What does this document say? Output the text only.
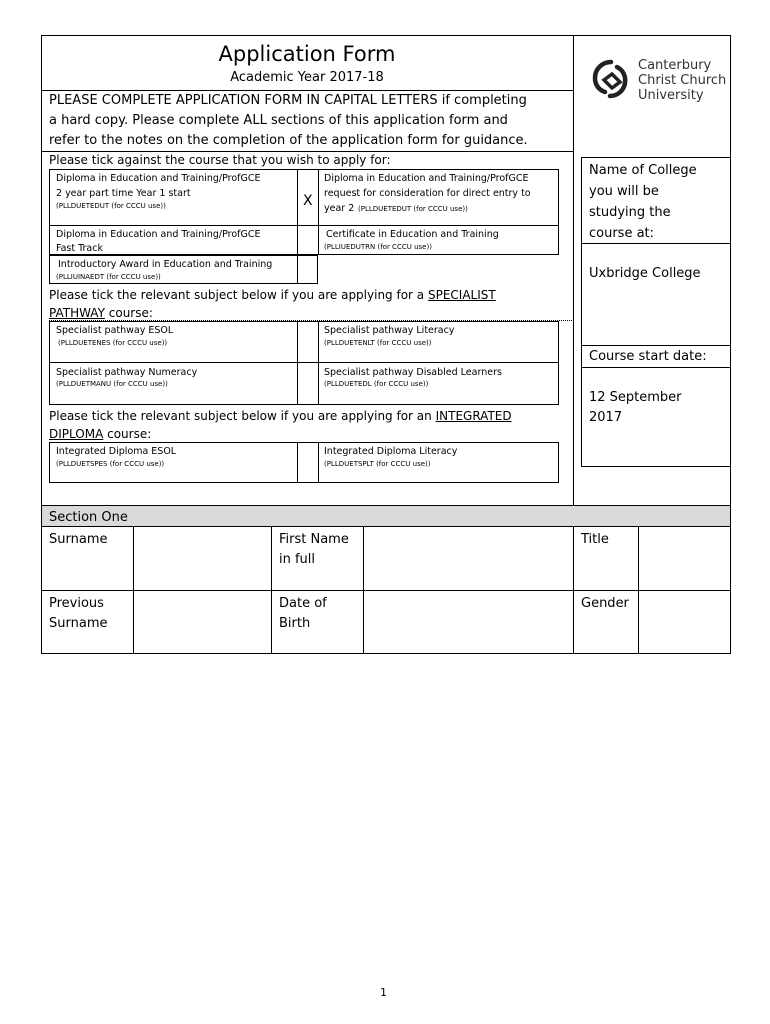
Application Form
Academic Year 2017-18
Canterbury
Christ Church
University
PLEASE COMPLETE APPLICATION FORM IN CAPITAL LETTERS if completing
a hard copy. Please complete ALL sections of this application form and
refer to the notes on the completion of the application form for guidance.
Please tick against the course that you wish to apply for:
Diploma in Education and Training/ProfGCE
2 year part time Year 1 start
(PLLDUETEDUT (for CCCU use))
Diploma in Education and Training/ProfGCE
request for consideration for direct entry to
year 2 (PLLDUETEDUT (for CCCU use))
X
Diploma in Education and Training/ProfGCE
Fast Track
Certificate in Education and Training
(PLLIUEDUTRN (for CCCU use))
Introductory Award in Education and Training
(PLLIUINAEDT (for CCCU use))
Please tick the relevant subject below if you are applying for a SPECIALIST
PATHWAY course:
Specialist pathway ESOL
(PLLDUETENES (for CCCU use))
Specialist pathway Literacy
(PLLDUETENLT (for CCCU use))
Specialist pathway Numeracy
(PLLDUETMANU (for CCCU use))
Specialist pathway Disabled Learners
(PLLDUETEDL (for CCCU use))
Please tick the relevant subject below if you are applying for an INTEGRATED
DIPLOMA course:
Integrated Diploma ESOL
(PLLDUETSPES (for CCCU use))
Integrated Diploma Literacy
(PLLDUETSPLT (for CCCU use))
Name of College
you will be
studying the
course at:
Uxbridge College
Course start date:
12 September
2017
Section One
Surname	First Name
in full
Title
Previous
Surname
Date of
Birth
Gender
1
